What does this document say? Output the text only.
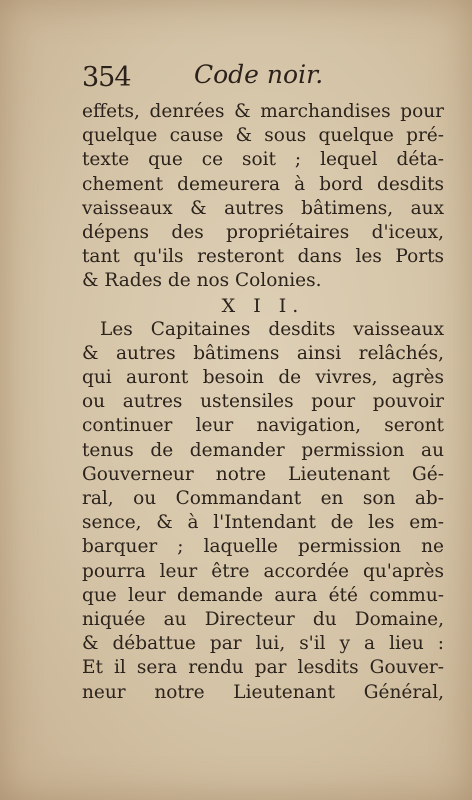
354	Code noir.
effets, denrées & marchandises pour
quelque cause & sous quelque pré-
texte que ce soit ; lequel déta-
chement demeurera à bord desdits
vaisseaux & autres bâtimens, aux
dépens des propriétaires d'iceux,
tant qu'ils resteront dans les Ports
& Rades de nos Colonies.
X I I.
Les Capitaines desdits vaisseaux
& autres bâtimens ainsi relâchés,
qui auront besoin de vivres, agrès
ou autres ustensiles pour pouvoir
continuer leur navigation, seront
tenus de demander permission au
Gouverneur notre Lieutenant Gé-
ral, ou Commandant en son ab-
sence, & à l'Intendant de les em-
barquer ; laquelle permission ne
pourra leur être accordée qu'après
que leur demande aura été commu-
niquée au Directeur du Domaine,
& débattue par lui, s'il y a lieu :
Et il sera rendu par lesdits Gouver-
neur notre Lieutenant Général,
